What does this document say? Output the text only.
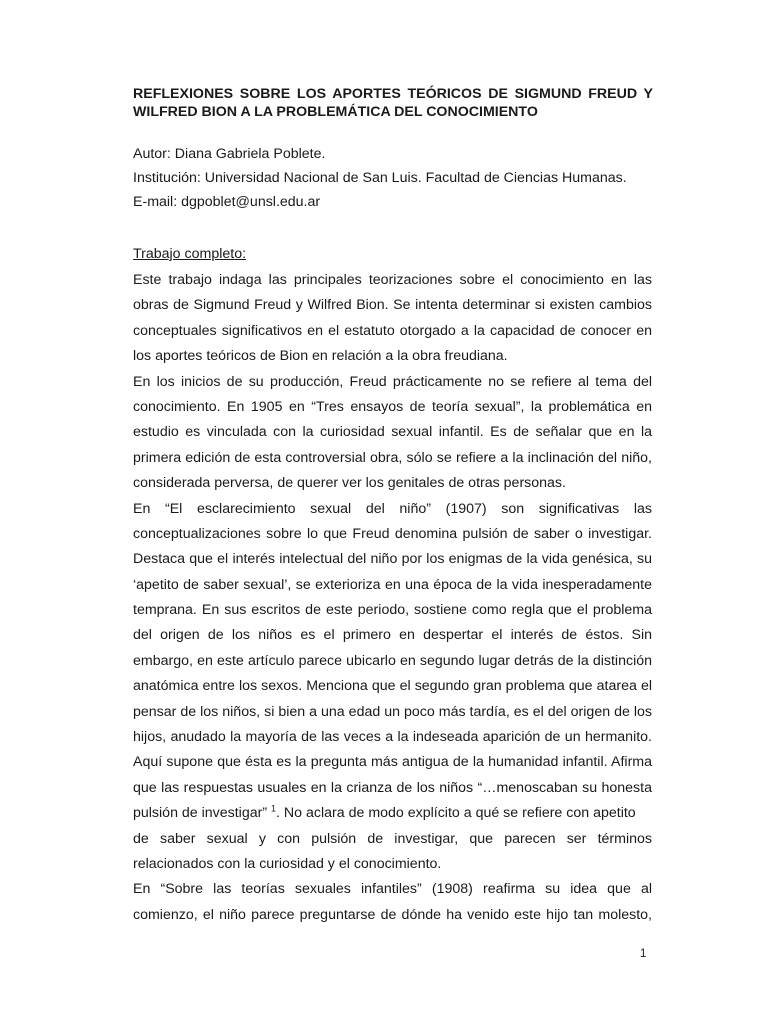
REFLEXIONES SOBRE LOS APORTES TEÓRICOS DE SIGMUND FREUD Y
WILFRED BION A LA PROBLEMÁTICA DEL CONOCIMIENTO
Autor: Diana Gabriela Poblete.
Institución: Universidad Nacional de San Luis. Facultad de Ciencias Humanas.
E-mail: dgpoblet@unsl.edu.ar
Trabajo completo:
Este trabajo indaga las principales teorizaciones sobre el conocimiento en las
obras de Sigmund Freud y Wilfred Bion. Se intenta determinar si existen cambios
conceptuales significativos en el estatuto otorgado a la capacidad de conocer en
los aportes teóricos de Bion en relación a la obra freudiana.
En los inicios de su producción, Freud prácticamente no se refiere al tema del
conocimiento. En 1905 en “Tres ensayos de teoría sexual”, la problemática en
estudio es vinculada con la curiosidad sexual infantil. Es de señalar que en la
primera edición de esta controversial obra, sólo se refiere a la inclinación del niño,
considerada perversa, de querer ver los genitales de otras personas.
En “El esclarecimiento sexual del niño” (1907) son significativas las
conceptualizaciones sobre lo que Freud denomina pulsión de saber o investigar.
Destaca que el interés intelectual del niño por los enigmas de la vida genésica, su
‘apetito de saber sexual’, se exterioriza en una época de la vida inesperadamente
temprana. En sus escritos de este periodo, sostiene como regla que el problema
del origen de los niños es el primero en despertar el interés de éstos. Sin
embargo, en este artículo parece ubicarlo en segundo lugar detrás de la distinción
anatómica entre los sexos. Menciona que el segundo gran problema que atarea el
pensar de los niños, si bien a una edad un poco más tardía, es el del origen de los
hijos, anudado la mayoría de las veces a la indeseada aparición de un hermanito.
Aquí supone que ésta es la pregunta más antigua de la humanidad infantil. Afirma
que las respuestas usuales en la crianza de los niños “…menoscaban su honesta
pulsión de investigar” $^1$. No aclara de modo explícito a qué se refiere con apetito
de saber sexual y con pulsión de investigar, que parecen ser términos
relacionados con la curiosidad y el conocimiento.
En “Sobre las teorías sexuales infantiles” (1908) reafirma su idea que al
comienzo, el niño parece preguntarse de dónde ha venido este hijo tan molesto,
1
